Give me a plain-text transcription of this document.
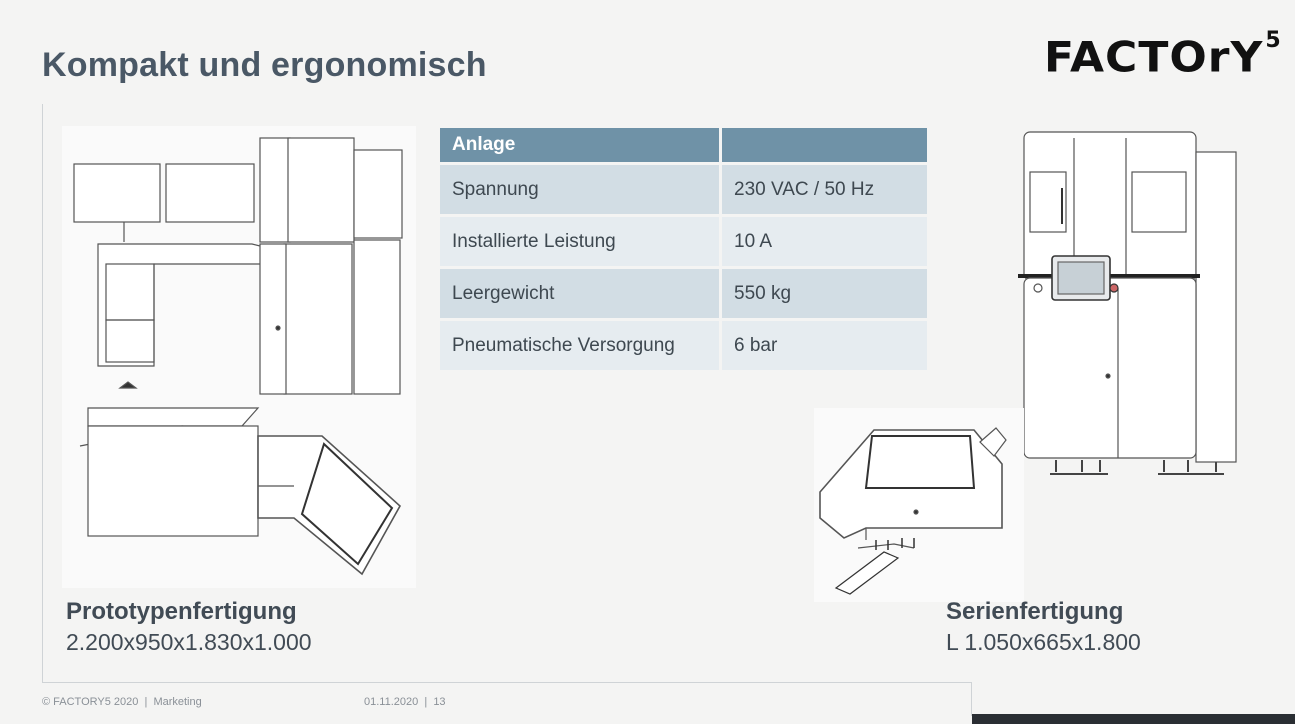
Kompakt und ergonomisch	FACTOrY$^5$
Anlage	
Spannung	230 VAC / 50 Hz
Installierte Leistung	10 A
Leergewicht	550 kg
Pneumatische Versorgung	6 bar
Prototypenfertigung
2.200x950x1.830x1.000
Serienfertigung
L 1.050x665x1.800
© FACTORY5 2020  |  Marketing	01.11.2020  |  13
